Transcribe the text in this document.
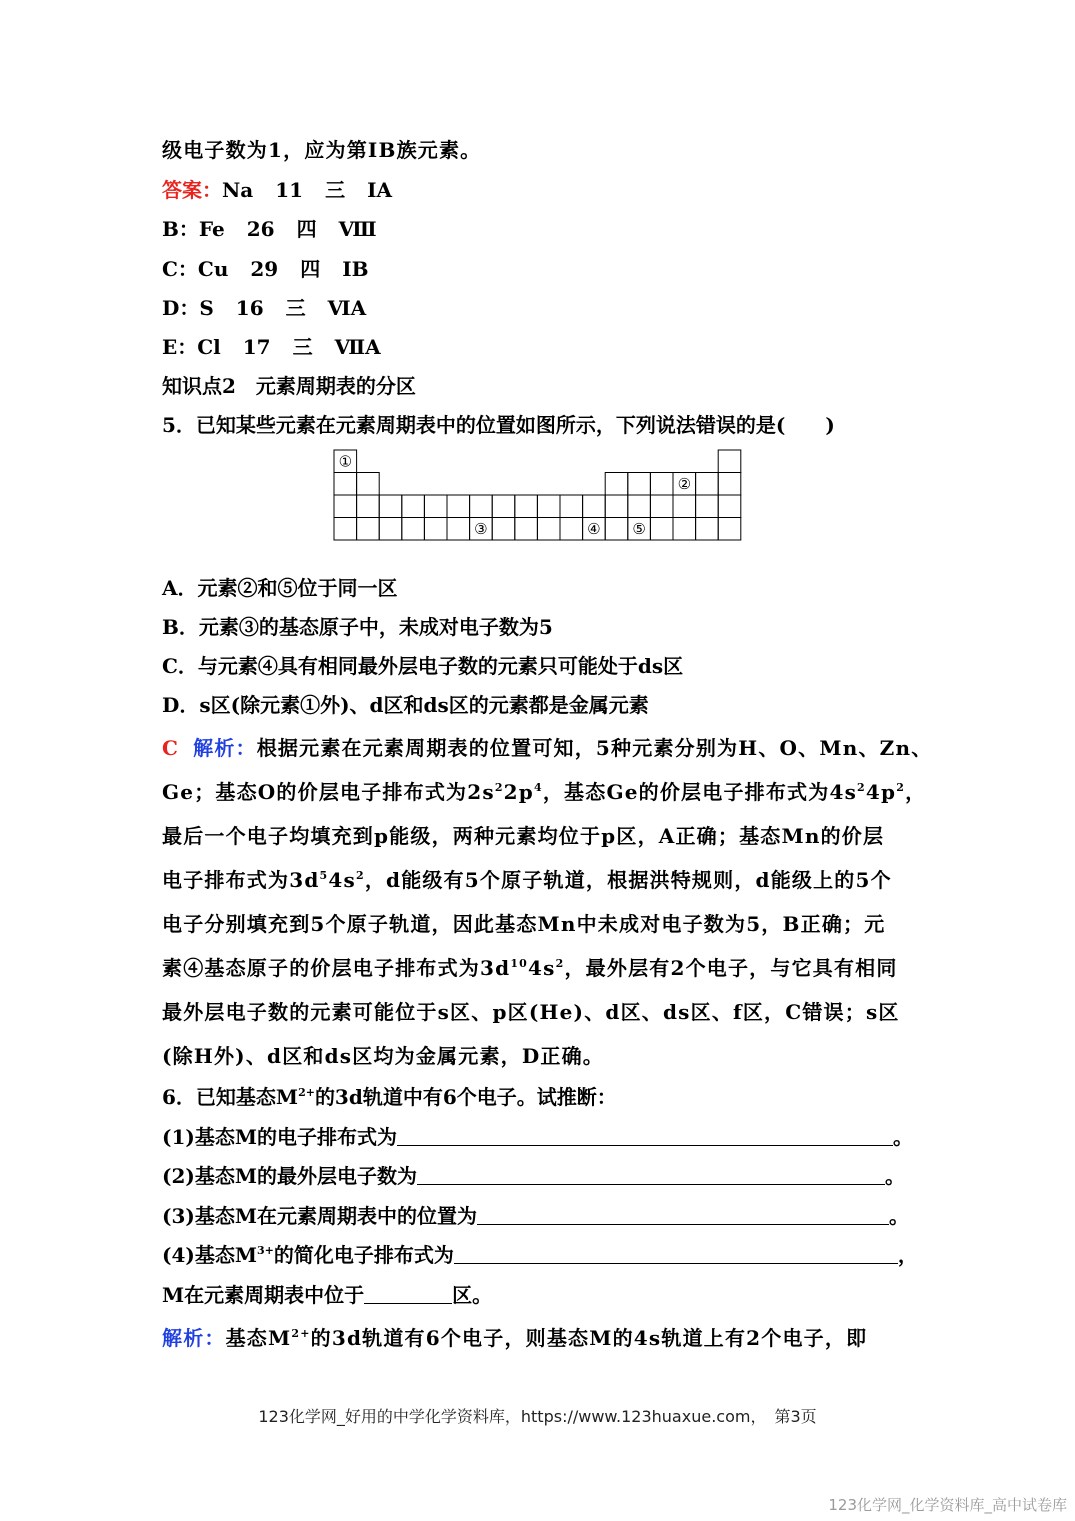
级电子数为1，应为第ⅠB族元素。
答案：Na 11 三 ⅠA
B：Fe 26 四 Ⅷ
C：Cu 29 四 ⅠB
D：S 16 三 ⅥA
E：Cl 17 三 ⅦA
知识点2　元素周期表的分区
5．已知某些元素在元素周期表中的位置如图所示，下列说法错误的是(　　)
①
②
③	④ ⑤
A．元素②和⑤位于同一区
B．元素③的基态原子中，未成对电子数为5
C．与元素④具有相同最外层电子数的元素只可能处于ds区
D．s区(除元素①外)、d区和ds区的元素都是金属元素
C 解析：根据元素在元素周期表的位置可知，5种元素分别为H、O、Mn、Zn、
Ge；基态O的价层电子排布式为$2s^22p^4$，基态Ge的价层电子排布式为$4s^24p^2$，
最后一个电子均填充到p能级，两种元素均位于p区，A正确；基态Mn的价层
电子排布式为$3d^54s^2$，d能级有5个原子轨道，根据洪特规则，d能级上的5个
电子分别填充到5个原子轨道，因此基态Mn中未成对电子数为5，B正确；元
素④基态原子的价层电子排布式为$3d^{10}4s^2$，最外层有2个电子，与它具有相同
最外层电子数的元素可能位于s区、p区(He)、d区、ds区、f区，C错误；s区
(除H外)、d区和ds区均为金属元素，D正确。
6．已知基态$M^{2+}$的3d轨道中有6个电子。试推断：
(1)基态M的电子排布式为	。
(2)基态M的最外层电子数为	。
(3)基态M在元素周期表中的位置为	。
(4)基态$M^{3+}$的简化电子排布式为	，
M在元素周期表中位于	区。
解析：基态$M^{2+}$的3d轨道有6个电子，则基态M的4s轨道上有2个电子，即
123化学网_好用的中学化学资料库，https://www.123huaxue.com，　第3页
123化学网_化学资料库_高中试卷库
